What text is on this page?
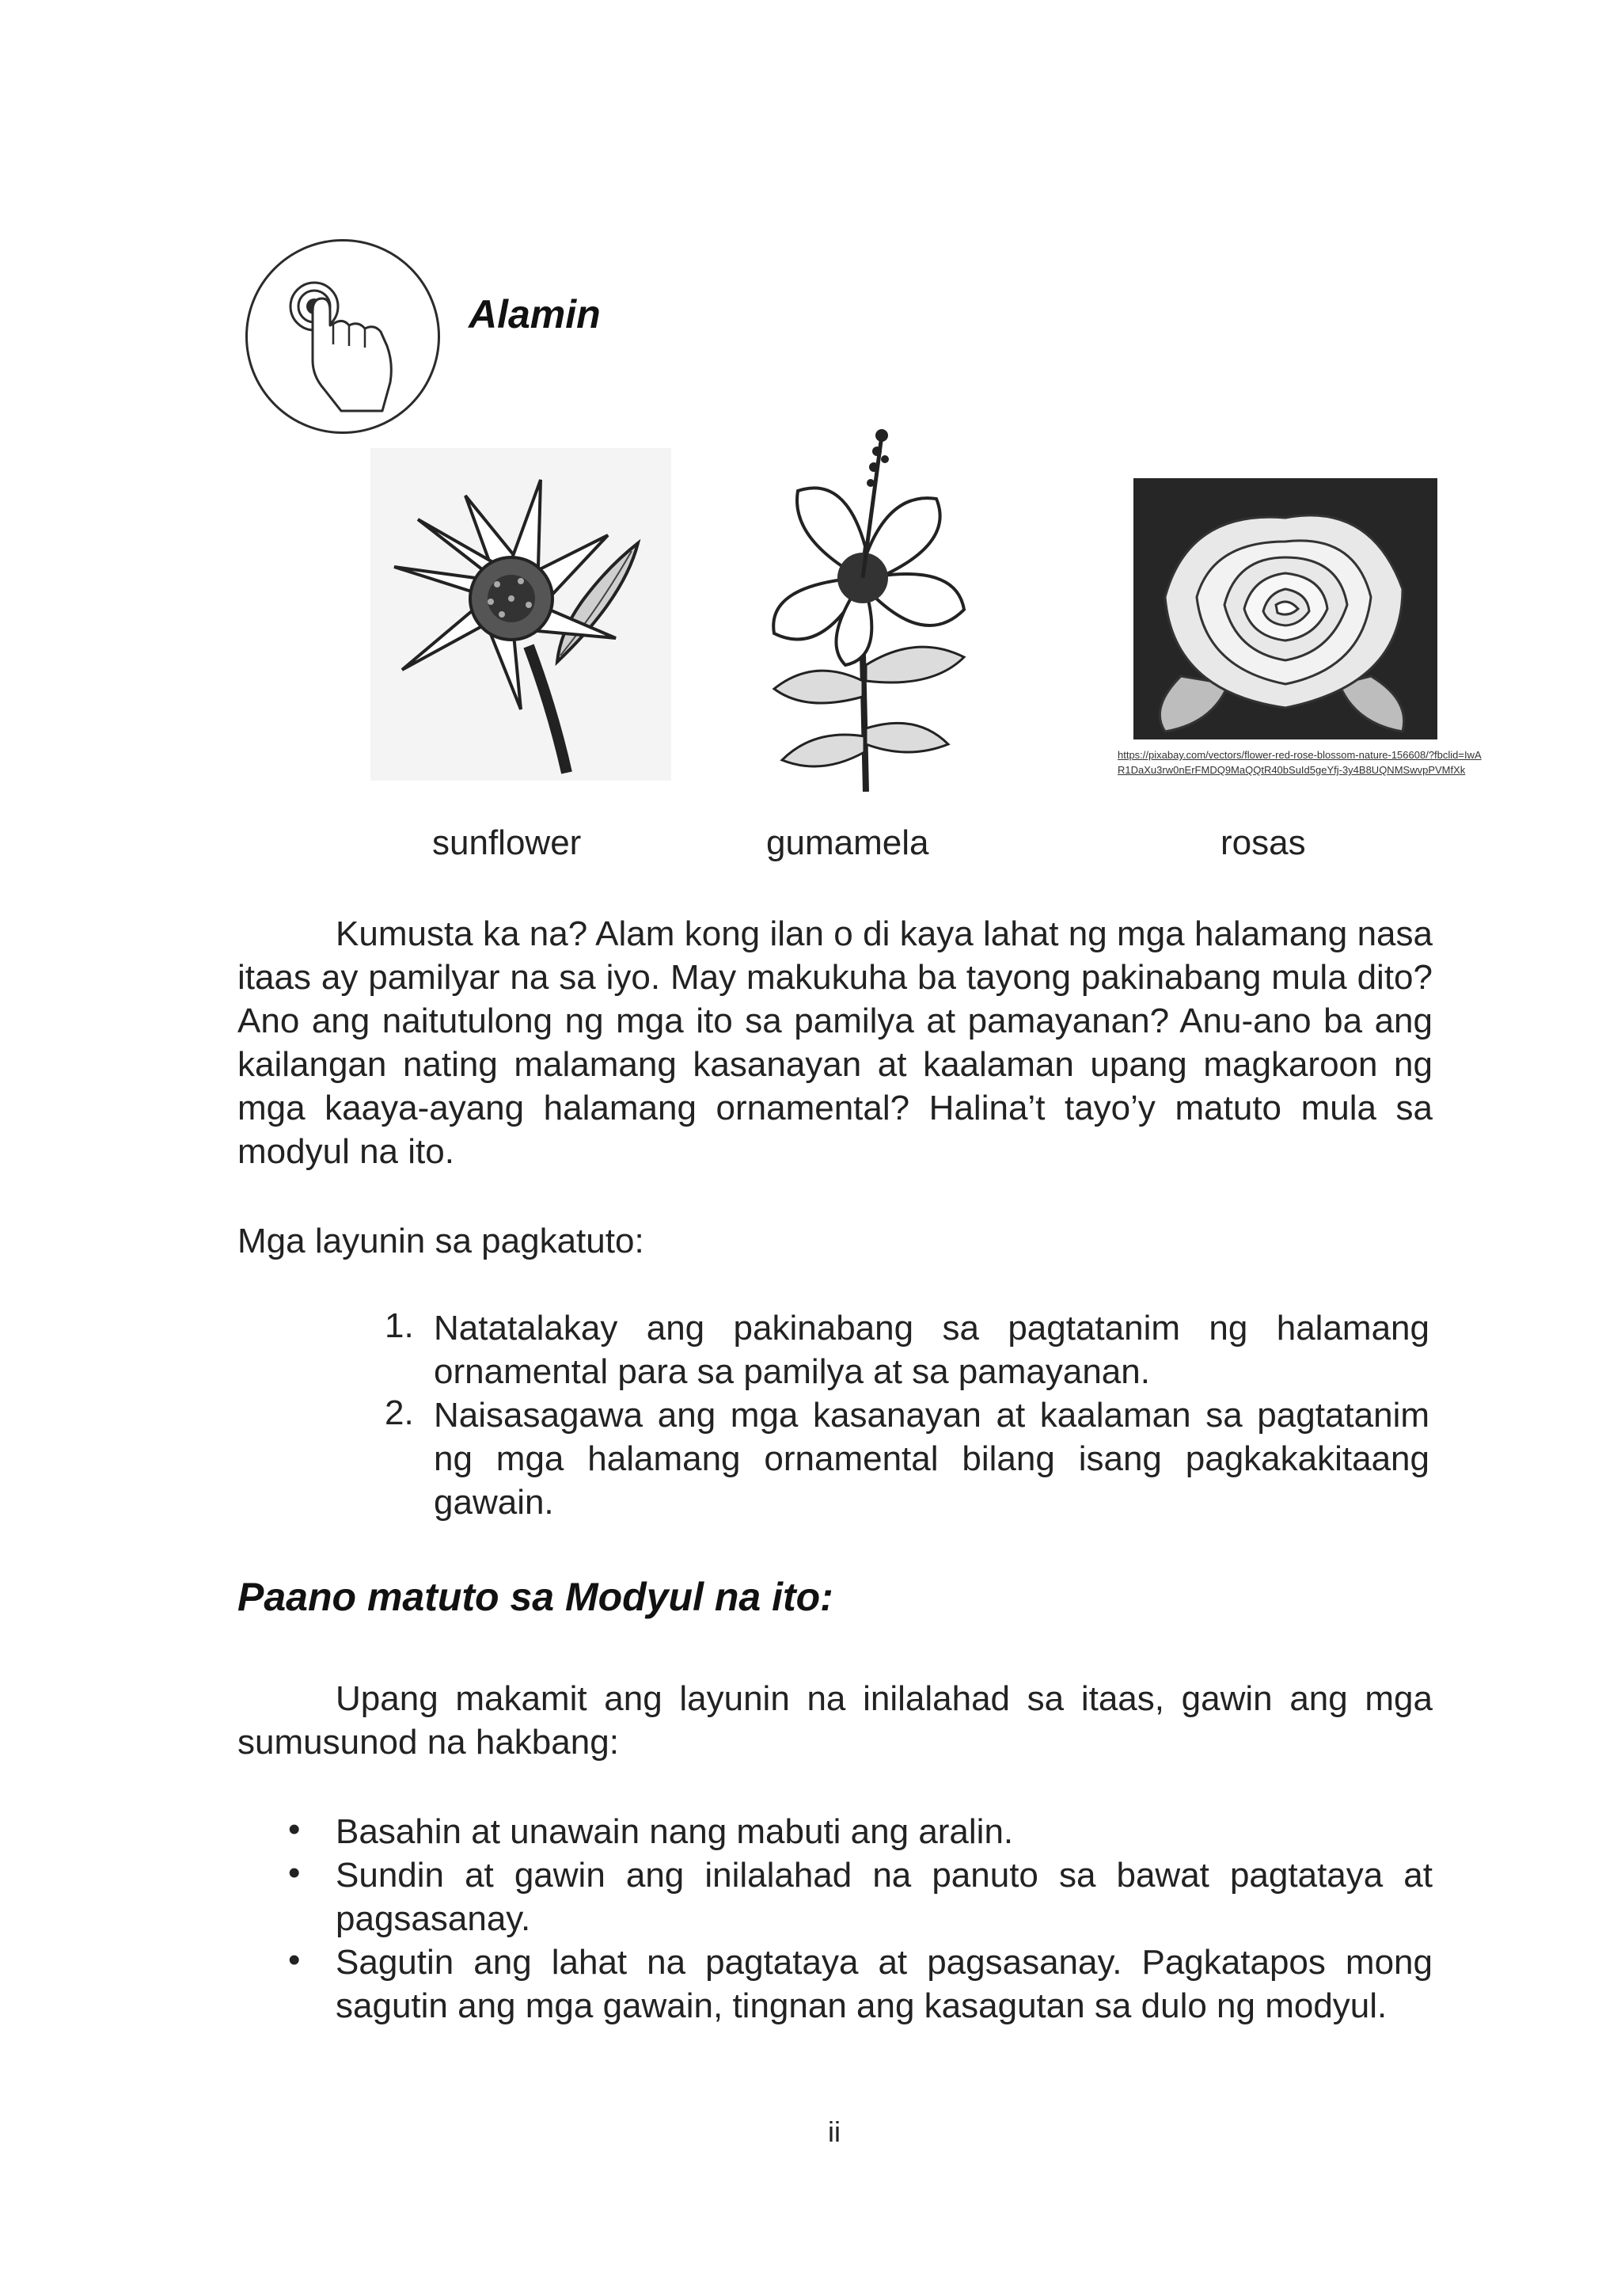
Alamin
https://pixabay.com/vectors/flower-red-rose-blossom-nature-156608/?fbclid=IwAR1DaXu3rw0nErFMDQ9MaQQtR40bSuId5geYfj-3y4B8UQNMSwvpPVMfXk
sunflower	gumamela	rosas
Kumusta ka na? Alam kong ilan o di kaya lahat ng mga halamang nasa itaas ay pamilyar na sa iyo. May makukuha ba tayong pakinabang mula dito? Ano ang naitutulong ng mga ito sa pamilya at pamayanan? Anu-ano ba ang kailangan nating malamang kasanayan at kaalaman upang magkaroon ng mga kaaya-ayang halamang ornamental? Halina’t tayo’y matuto mula sa modyul na ito.
Mga layunin sa pagkatuto:
1. Natatalakay ang pakinabang sa pagtatanim ng halamang ornamental para sa pamilya at sa pamayanan.
2. Naisasagawa ang mga kasanayan at kaalaman sa pagtatanim ng mga halamang ornamental bilang isang pagkakakitaang gawain.
Paano matuto sa Modyul na ito:
Upang makamit ang layunin na inilalahad sa itaas, gawin ang mga sumusunod na hakbang:
• Basahin at unawain nang mabuti ang aralin.
• Sundin at gawin ang inilalahad na panuto sa bawat pagtataya at pagsasanay.
• Sagutin ang lahat na pagtataya at pagsasanay. Pagkatapos mong sagutin ang mga gawain, tingnan ang kasagutan sa dulo ng modyul.
ii
